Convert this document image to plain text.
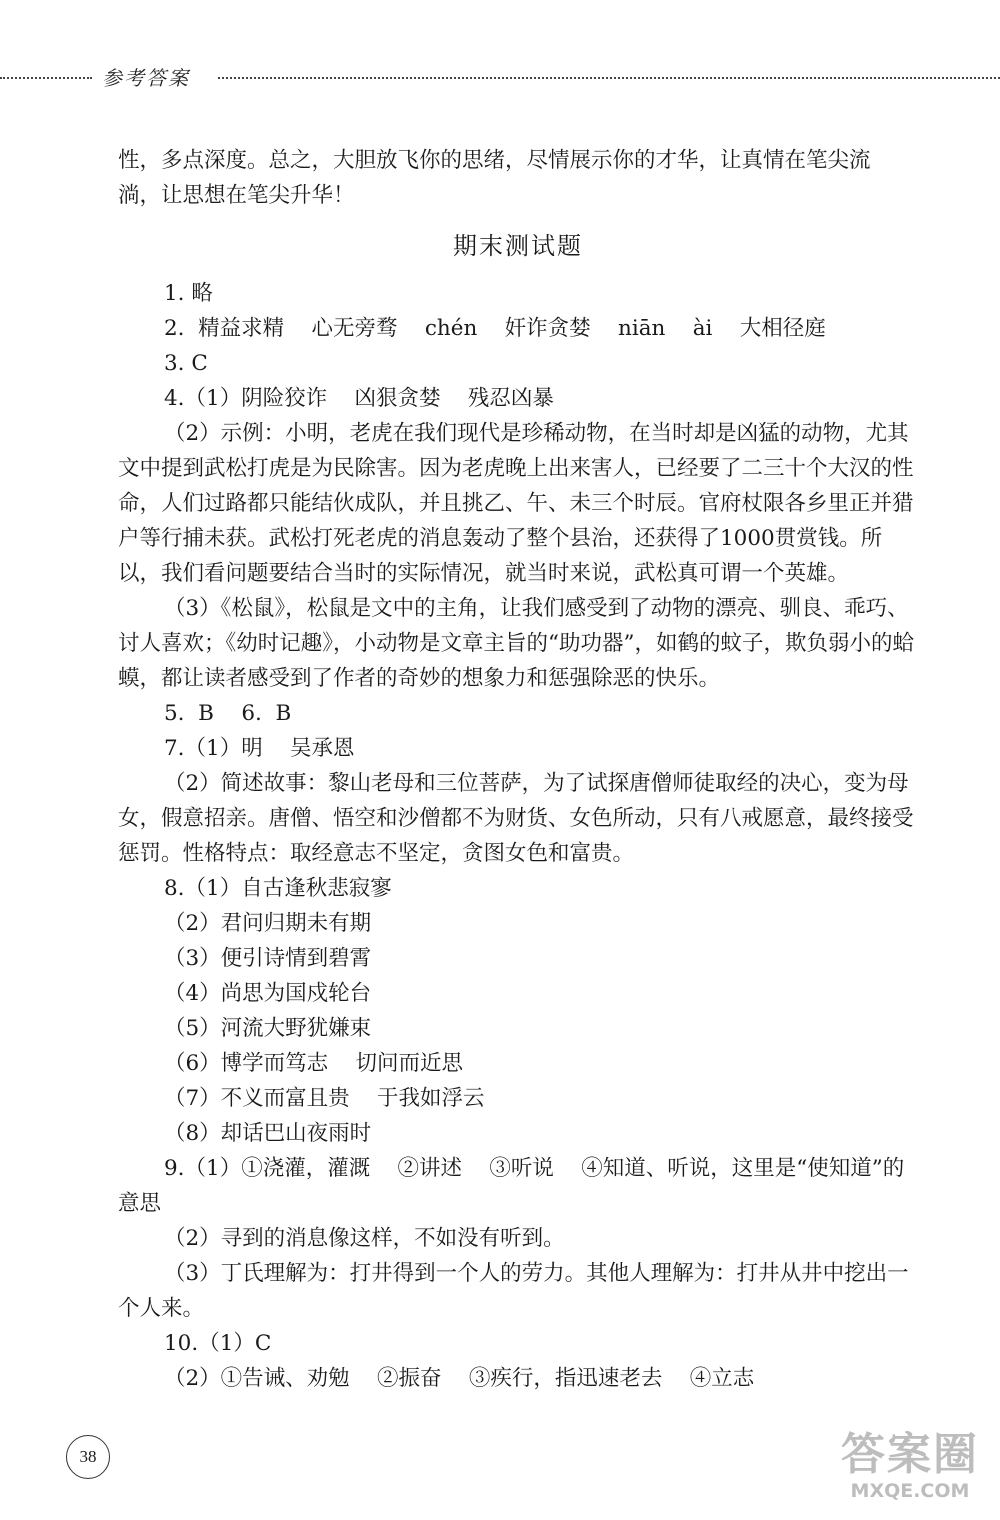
参考答案

性，多点深度。总之，大胆放飞你的思绪，尽情展示你的才华，让真情在笔尖流

淌，让思想在笔尖升华！

期末测试题

1. 略

2.  精益求精    心无旁骛    chén    奸诈贪婪    niān    ài    大相径庭

3. C

4.（1）阴险狡诈    凶狠贪婪    残忍凶暴

（2）示例：小明，老虎在我们现代是珍稀动物，在当时却是凶猛的动物，尤其文中提到武松打虎是为民除害。因为老虎晚上出来害人，已经要了二三十个大汉的性命，人们过路都只能结伙成队，并且挑乙、午、未三个时辰。官府杖限各乡里正并猎户等行捕未获。武松打死老虎的消息轰动了整个县治，还获得了1000贯赏钱。所以，我们看问题要结合当时的实际情况，就当时来说，武松真可谓一个英雄。

（3）《松鼠》，松鼠是文中的主角，让我们感受到了动物的漂亮、驯良、乖巧、讨人喜欢；《幼时记趣》，小动物是文章主旨的“助功器”，如鹤的蚊子，欺负弱小的蛤蟆，都让读者感受到了作者的奇妙的想象力和惩强除恶的快乐。

5.  B    6.  B

7.（1）明    吴承恩

（2）简述故事：黎山老母和三位菩萨，为了试探唐僧师徒取经的决心，变为母女，假意招亲。唐僧、悟空和沙僧都不为财货、女色所动，只有八戒愿意，最终接受惩罚。性格特点：取经意志不坚定，贪图女色和富贵。

8.（1）自古逢秋悲寂寥

（2）君问归期未有期

（3）便引诗情到碧霄

（4）尚思为国戍轮台

（5）河流大野犹嫌束

（6）博学而笃志    切问而近思

（7）不义而富且贵    于我如浮云

（8）却话巴山夜雨时

9.（1）①浇灌，灌溉    ②讲述    ③听说    ④知道、听说，这里是“使知道”的意思

（2）寻到的消息像这样，不如没有听到。

（3）丁氏理解为：打井得到一个人的劳力。其他人理解为：打井从井中挖出一个人来。

10.（1）C

（2）①告诫、劝勉    ②振奋    ③疾行，指迅速老去    ④立志

38	答案圈
MXQE.COM
